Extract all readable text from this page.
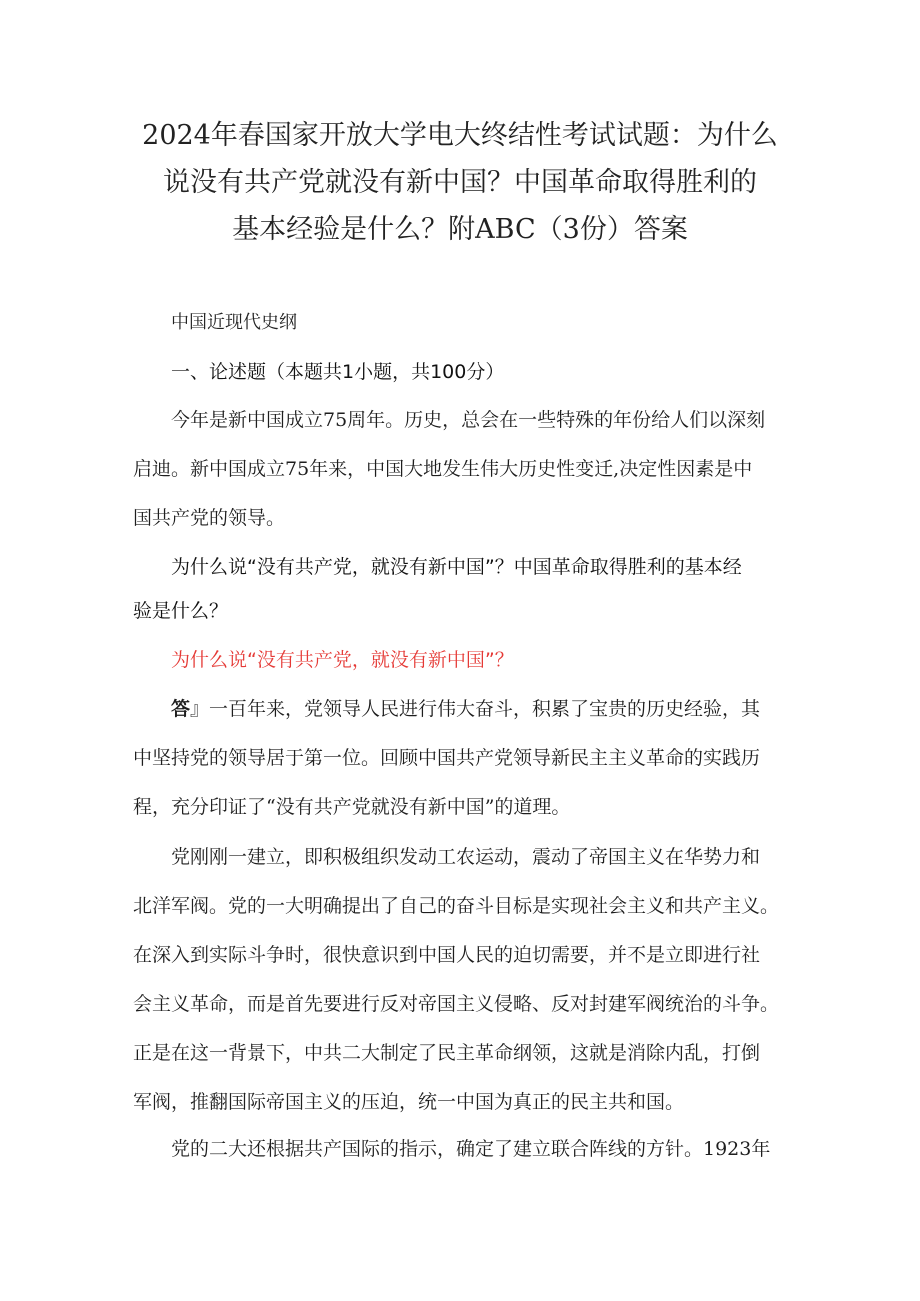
2024年春国家开放大学电大终结性考试试题：为什么
说没有共产党就没有新中国？中国革命取得胜利的
基本经验是什么？附ABC（3份）答案
中国近现代史纲
一、论述题（本题共1小题，共100分）
今年是新中国成立75周年。历史，总会在一些特殊的年份给人们以深刻
启迪。新中国成立75年来，中国大地发生伟大历史性变迁,决定性因素是中
国共产党的领导。
为什么说“没有共产党，就没有新中国”？中国革命取得胜利的基本经
验是什么？
为什么说“没有共产党，就没有新中国”？
答』一百年来，党领导人民进行伟大奋斗，积累了宝贵的历史经验，其
中坚持党的领导居于第一位。回顾中国共产党领导新民主主义革命的实践历
程，充分印证了“没有共产党就没有新中国”的道理。
党刚刚一建立，即积极组织发动工农运动，震动了帝国主义在华势力和
北洋军阀。党的一大明确提出了自己的奋斗目标是实现社会主义和共产主义。
在深入到实际斗争时，很快意识到中国人民的迫切需要，并不是立即进行社
会主义革命，而是首先要进行反对帝国主义侵略、反对封建军阀统治的斗争。
正是在这一背景下，中共二大制定了民主革命纲领，这就是消除内乱，打倒
军阀，推翻国际帝国主义的压迫，统一中国为真正的民主共和国。
党的二大还根据共产国际的指示，确定了建立联合阵线的方针。1923年
